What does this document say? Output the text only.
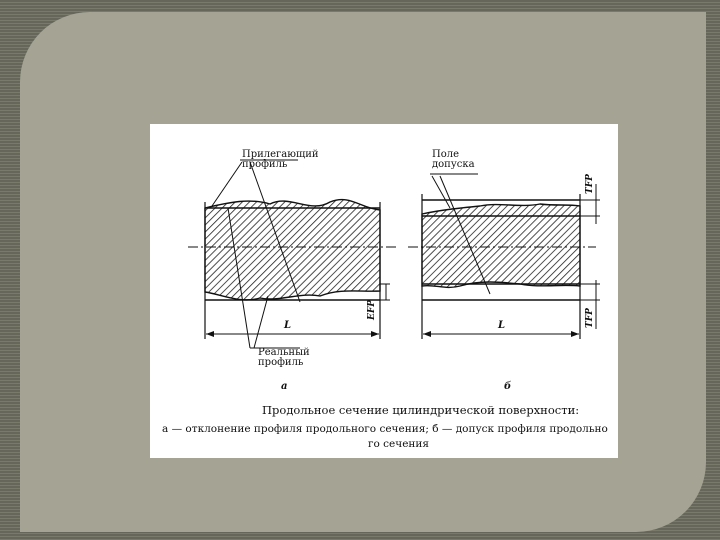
Прилегающий
профиль
Реальный
профиль
L
EFP
а
Поле
допуска
TFP
TFP
L
б
Продольное сечение цилиндрической поверхности:
а — отклонение профиля продольного сечения; б — допуск профиля продольно
го сечения
